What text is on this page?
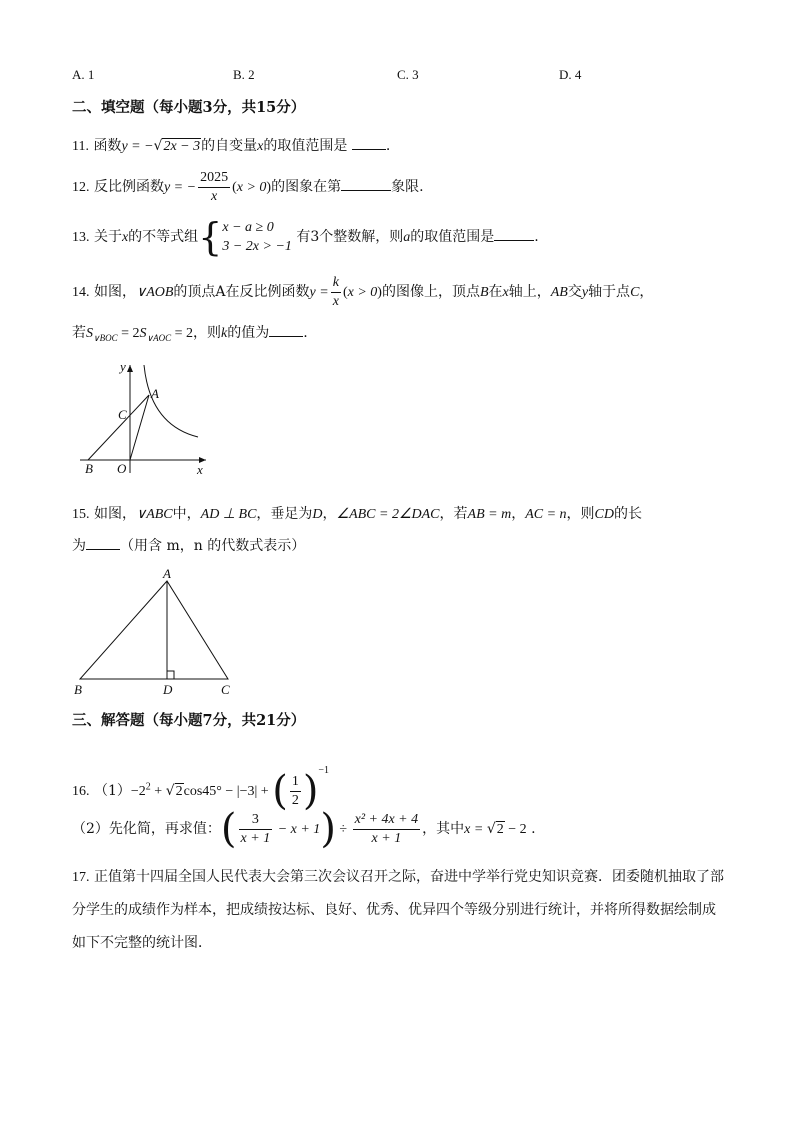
A. 1	B. 2	C. 3	D. 4
二、填空题（每小题3分，共15分）
11. 函数y = −√2x − 3的自变量x的取值范围是	.
12. 反比例函数y = − $\frac{2025}{x} (x > 0)$的图象在第	象限.
13. 关于x的不等式组{ x − a ≥ 0
3 − 2x > −1
有3个整数解，则a的取值范围是	.
14. 如图，∨AOB的顶点A在反比例函数$y = \frac{k}{x} (x > 0)$的图像上，顶点B在x轴上，AB交y轴于点C，
若$S_{\vee BOC} = 2S_{\vee AOC} = 2$，则k的值为 .
y
x
A
B
C
O
15. 如图，∨ABC中，AD ⊥ BC，垂足为D，∠ABC = 2∠DAC，若AB = m，AC = n，则CD的长
为 （用含 m，n 的代数式表示）
A
B	D	C
三、解答题（每小题7分，共21分）
16. $(1)-2^2 + √2\cos 45^\circ - |-3|$ + ( $\frac{1}{2} )^{-1}$
（2）先化简，再求值：( $\frac{3}{x + 1} - x + 1) \div \frac{\text{x² + 4x + 4}}{x + 1}$ ，其中x = √2 − 2 .
17. 正值第十四届全国人民代表大会第三次会议召开之际，奋进中学举行党史知识竞赛．团委随机抽取了部
分学生的成绩作为样本，把成绩按达标、良好、优秀、优异四个等级分别进行统计，并将所得数据绘制成
如下不完整的统计图．
